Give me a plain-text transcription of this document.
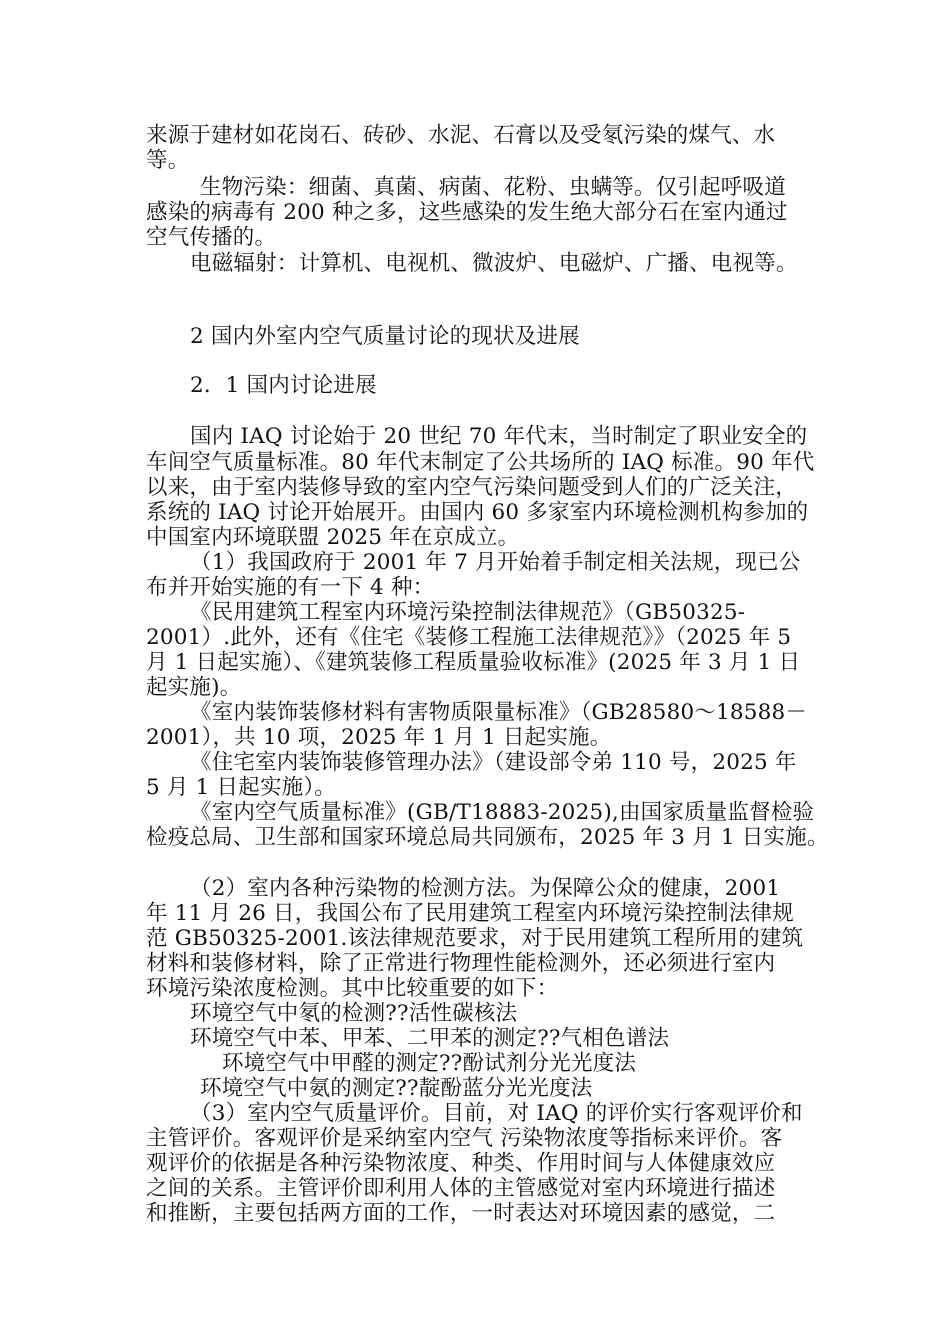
来源于建材如花岗石、砖砂、水泥、石膏以及受氡污染的煤气、水
等。
生物污染：细菌、真菌、病菌、花粉、虫螨等。仅引起呼吸道
感染的病毒有 200 种之多，这些感染的发生绝大部分石在室内通过
空气传播的。
电磁辐射：计算机、电视机、微波炉、电磁炉、广播、电视等。
2 国内外室内空气质量讨论的现状及进展
2．1 国内讨论进展
国内 IAQ 讨论始于 20 世纪 70 年代末，当时制定了职业安全的
车间空气质量标准。80 年代末制定了公共场所的 IAQ 标准。90 年代
以来，由于室内装修导致的室内空气污染问题受到人们的广泛关注，
系统的 IAQ 讨论开始展开。由国内 60 多家室内环境检测机构参加的
中国室内环境联盟 2025 年在京成立。
（1）我国政府于 2001 年 7 月开始着手制定相关法规，现已公
布并开始实施的有一下 4 种：
《民用建筑工程室内环境污染控制法律规范》（GB50325-
2001）.此外，还有《住宅《装修工程施工法律规范》》（2025 年 5
月 1 日起实施）、《建筑装修工程质量验收标准》(2025 年 3 月 1 日
起实施)。
《室内装饰装修材料有害物质限量标准》（GB28580～18588－
2001），共 10 项，2025 年 1 月 1 日起实施。
《住宅室内装饰装修管理办法》（建设部令弟 110 号，2025 年
5 月 1 日起实施）。
《室内空气质量标准》(GB/T18883-2025),由国家质量监督检验
检疫总局、卫生部和国家环境总局共同颁布，2025 年 3 月 1 日实施。
（2）室内各种污染物的检测方法。为保障公众的健康，2001
年 11 月 26 日，我国公布了民用建筑工程室内环境污染控制法律规
范 GB50325-2001.该法律规范要求，对于民用建筑工程所用的建筑
材料和装修材料，除了正常进行物理性能检测外，还必须进行室内
环境污染浓度检测。其中比较重要的如下：
环境空气中氡的检测??活性碳核法
环境空气中苯、甲苯、二甲苯的测定??气相色谱法
环境空气中甲醛的测定??酚试剂分光光度法
环境空气中氨的测定??靛酚蓝分光光度法
（3）室内空气质量评价。目前，对 IAQ 的评价实行客观评价和
主管评价。客观评价是采纳室内空气 污染物浓度等指标来评价。客
观评价的依据是各种污染物浓度、种类、作用时间与人体健康效应
之间的关系。主管评价即利用人体的主管感觉对室内环境进行描述
和推断，主要包括两方面的工作，一时表达对环境因素的感觉，二
